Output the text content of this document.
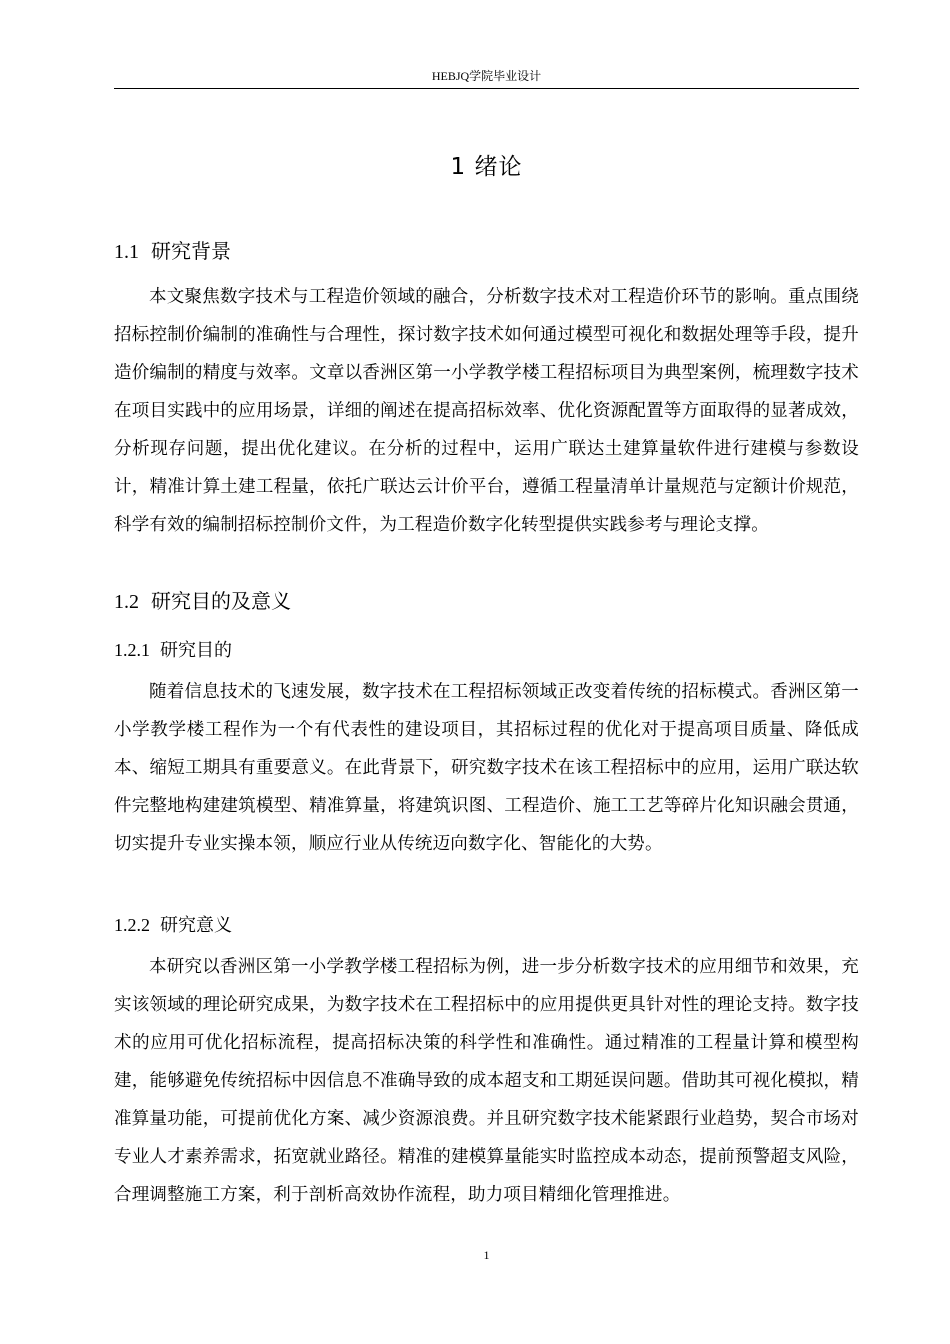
HEBJQ学院毕业设计
1 绪论
1.1 研究背景

本文聚焦数字技术与工程造价领域的融合，分析数字技术对工程造价环节的影响。重点围绕招标控制价编制的准确性与合理性，探讨数字技术如何通过模型可视化和数据处理等手段，提升造价编制的精度与效率。文章以香洲区第一小学教学楼工程招标项目为典型案例，梳理数字技术在项目实践中的应用场景，详细的阐述在提高招标效率、优化资源配置等方面取得的显著成效，分析现存问题，提出优化建议。在分析的过程中，运用广联达土建算量软件进行建模与参数设计，精准计算土建工程量，依托广联达云计价平台，遵循工程量清单计量规范与定额计价规范，科学有效的编制招标控制价文件，为工程造价数字化转型提供实践参考与理论支撑。

1.2 研究目的及意义
1.2.1 研究目的

随着信息技术的飞速发展，数字技术在工程招标领域正改变着传统的招标模式。香洲区第一小学教学楼工程作为一个有代表性的建设项目，其招标过程的优化对于提高项目质量、降低成本、缩短工期具有重要意义。在此背景下，研究数字技术在该工程招标中的应用，运用广联达软件完整地构建建筑模型、精准算量，将建筑识图、工程造价、施工工艺等碎片化知识融会贯通，切实提升专业实操本领，顺应行业从传统迈向数字化、智能化的大势。

1.2.2 研究意义

本研究以香洲区第一小学教学楼工程招标为例，进一步分析数字技术的应用细节和效果，充实该领域的理论研究成果，为数字技术在工程招标中的应用提供更具针对性的理论支持。数字技术的应用可优化招标流程，提高招标决策的科学性和准确性。通过精准的工程量计算和模型构建，能够避免传统招标中因信息不准确导致的成本超支和工期延误问题。借助其可视化模拟，精准算量功能，可提前优化方案、减少资源浪费。并且研究数字技术能紧跟行业趋势，契合市场对专业人才素养需求，拓宽就业路径。精准的建模算量能实时监控成本动态，提前预警超支风险，合理调整施工方案，利于剖析高效协作流程，助力项目精细化管理推进。

1
